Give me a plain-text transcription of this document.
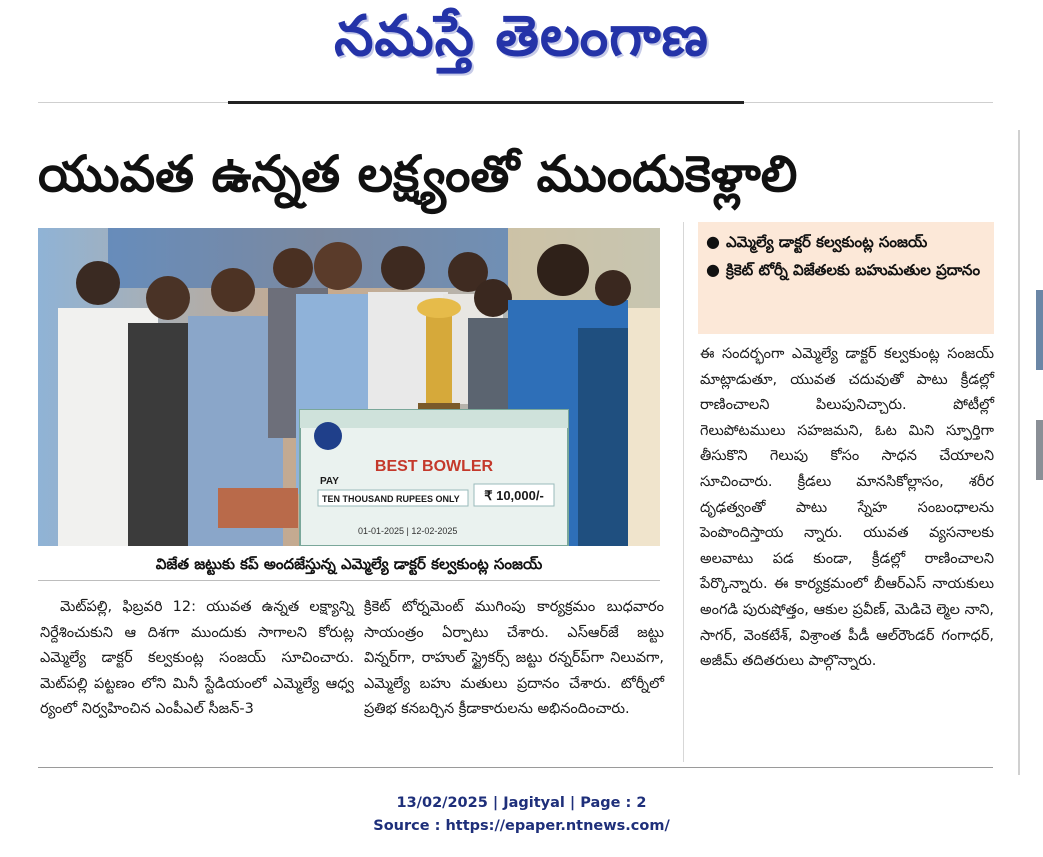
నమస్తే తెలంగాణ
యువత ఉన్నత లక్ష్యంతో ముందుకెళ్లాలి
BEST BOWLER
PAY
TEN THOUSAND RUPEES ONLY ₹ 10,000/-
01-01-2025 | 12-02-2025
విజేత జట్టుకు కప్ అందజేస్తున్న ఎమ్మెల్యే డాక్టర్ కల్వకుంట్ల సంజయ్
● ఎమ్మెల్యే డాక్టర్ కల్వకుంట్ల సంజయ్
● క్రికెట్ టోర్నీ విజేతలకు బహుమతుల ప్రదానం

మెట్‌పల్లి, ఫిబ్రవరి 12: యువత ఉన్నత లక్ష్యాన్ని నిర్దేశించుకుని ఆ దిశగా ముందుకు సాగాలని కోరుట్ల ఎమ్మెల్యే డాక్టర్ కల్వకుంట్ల సంజయ్ సూచించారు. మెట్‌పల్లి పట్టణం లోని మినీ స్టేడియంలో ఎమ్మెల్యే ఆధ్వ ర్యంలో నిర్వహించిన ఎంపీఎల్ సీజన్-3

క్రికెట్ టోర్నమెంట్ ముగింపు కార్యక్రమం బుధవారం సాయంత్రం ఏర్పాటు చేశారు. ఎస్‌ఆర్‌జే జట్టు విన్నర్‌గా, రాహుల్ స్ట్రైకర్స్ జట్టు రన్నర్‌ప్‌గా నిలువగా, ఎమ్మెల్యే బహు మతులు ప్రదానం చేశారు. టోర్నీలో ప్రతిభ కనబర్చిన క్రీడాకారులను అభినందించారు.

ఈ సందర్భంగా ఎమ్మెల్యే డాక్టర్ కల్వకుంట్ల సంజయ్ మాట్లాడుతూ, యువత చదువుతో పాటు క్రీడల్లో రాణించాలని పిలుపునిచ్చారు. పోటీల్లో గెలుపోటములు సహజమని, ఓట మిని స్ఫూర్తిగా తీసుకొని గెలుపు కోసం సాధన చేయాలని సూచించారు. క్రీడలు మానసికోల్లాసం, శరీర దృఢత్వంతో పాటు స్నేహ సంబంధాలను పెంపొందిస్తాయ న్నారు. యువత వ్యసనాలకు అలవాటు పడ కుండా, క్రీడల్లో రాణించాలని పేర్కొన్నారు. ఈ కార్యక్రమంలో బీఆర్‌ఎస్ నాయకులు అంగడి పురుషోత్తం, ఆకుల ప్రవీణ్, మెడిచె ల్మెల నాని, సాగర్, వెంకటేశ్, విశ్రాంత పీడీ ఆల్‌రౌండర్ గంగాధర్, అజీమ్ తదితరులు పాల్గొన్నారు.

13/02/2025 | Jagityal | Page : 2
Source : https://epaper.ntnews.com/
